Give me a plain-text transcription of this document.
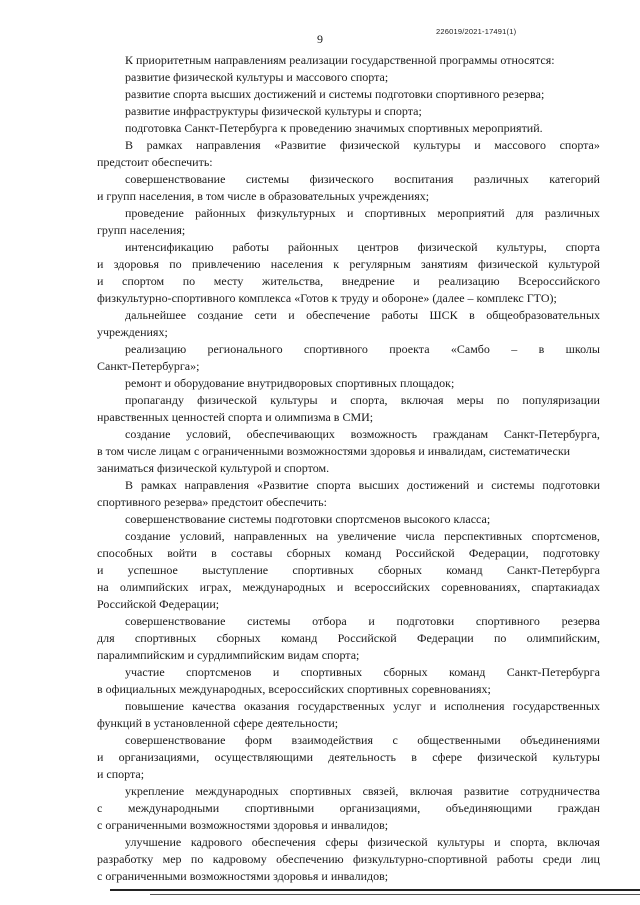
9
226019/2021-17491(1)
К приоритетным направлениям реализации государственной программы относятся:
развитие физической культуры и массового спорта;
развитие спорта высших достижений и системы подготовки спортивного резерва;
развитие инфраструктуры физической культуры и спорта;
подготовка Санкт-Петербурга к проведению значимых спортивных мероприятий.
В рамках направления «Развитие физической культуры и массового спорта»
предстоит обеспечить:
совершенствование системы физического воспитания различных категорий
и групп населения, в том числе в образовательных учреждениях;
проведение районных физкультурных и спортивных мероприятий для различных
групп населения;
интенсификацию работы районных центров физической культуры, спорта
и здоровья по привлечению населения к регулярным занятиям физической культурой
и спортом по месту жительства, внедрение и реализацию Всероссийского
физкультурно-спортивного комплекса «Готов к труду и обороне» (далее – комплекс ГТО);
дальнейшее создание сети и обеспечение работы ШСК в общеобразовательных
учреждениях;
реализацию регионального спортивного проекта «Самбо – в школы
Санкт-Петербурга»;
ремонт и оборудование внутридворовых спортивных площадок;
пропаганду физической культуры и спорта, включая меры по популяризации
нравственных ценностей спорта и олимпизма в СМИ;
создание условий, обеспечивающих возможность гражданам Санкт-Петербурга,
в том числе лицам с ограниченными возможностями здоровья и инвалидам, систематически
заниматься физической культурой и спортом.
В рамках направления «Развитие спорта высших достижений и системы подготовки
спортивного резерва» предстоит обеспечить:
совершенствование системы подготовки спортсменов высокого класса;
создание условий, направленных на увеличение числа перспективных спортсменов,
способных войти в составы сборных команд Российской Федерации, подготовку
и успешное выступление спортивных сборных команд Санкт-Петербурга
на олимпийских играх, международных и всероссийских соревнованиях, спартакиадах
Российской Федерации;
совершенствование системы отбора и подготовки спортивного резерва
для спортивных сборных команд Российской Федерации по олимпийским,
паралимпийским и сурдлимпийским видам спорта;
участие спортсменов и спортивных сборных команд Санкт-Петербурга
в официальных международных, всероссийских спортивных соревнованиях;
повышение качества оказания государственных услуг и исполнения государственных
функций в установленной сфере деятельности;
совершенствование форм взаимодействия с общественными объединениями
и организациями, осуществляющими деятельность в сфере физической культуры
и спорта;
укрепление международных спортивных связей, включая развитие сотрудничества
с международными спортивными организациями, объединяющими граждан
с ограниченными возможностями здоровья и инвалидов;
улучшение кадрового обеспечения сферы физической культуры и спорта, включая
разработку мер по кадровому обеспечению физкультурно-спортивной работы среди лиц
с ограниченными возможностями здоровья и инвалидов;
